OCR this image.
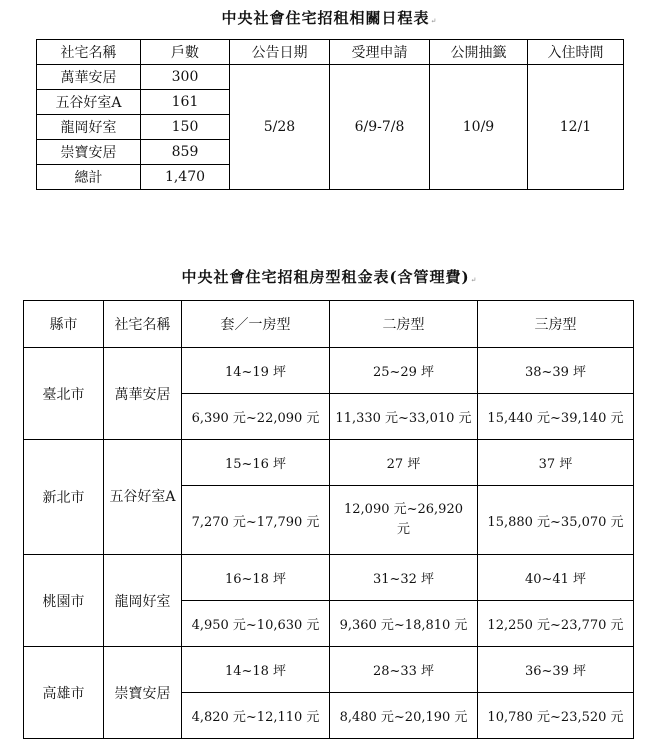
中央社會住宅招租相關日程表↵
社宅名稱	戶數	公告日期	受理申請	公開抽籤	入住時間
萬華安居	300	5/28	6/9-7/8	10/9	12/1
五谷好室A	161				
龍岡好室	150				
崇寶安居	859				
總計	1,470				
中央社會住宅招租房型租金表(含管理費)↵
縣市	社宅名稱	套／一房型	二房型	三房型
臺北市	萬華安居	14~19 坪	25~29 坪	38~39 坪
		6,390 元~22,090 元	11,330 元~33,010 元	15,440 元~39,140 元
新北市	五谷好室A	15~16 坪	27 坪	37 坪
		7,270 元~17,790 元	12,090 元~26,920 元	15,880 元~35,070 元
桃園市	龍岡好室	16~18 坪	31~32 坪	40~41 坪
		4,950 元~10,630 元	9,360 元~18,810 元	12,250 元~23,770 元
高雄市	崇寶安居	14~18 坪	28~33 坪	36~39 坪
		4,820 元~12,110 元	8,480 元~20,190 元	10,780 元~23,520 元
